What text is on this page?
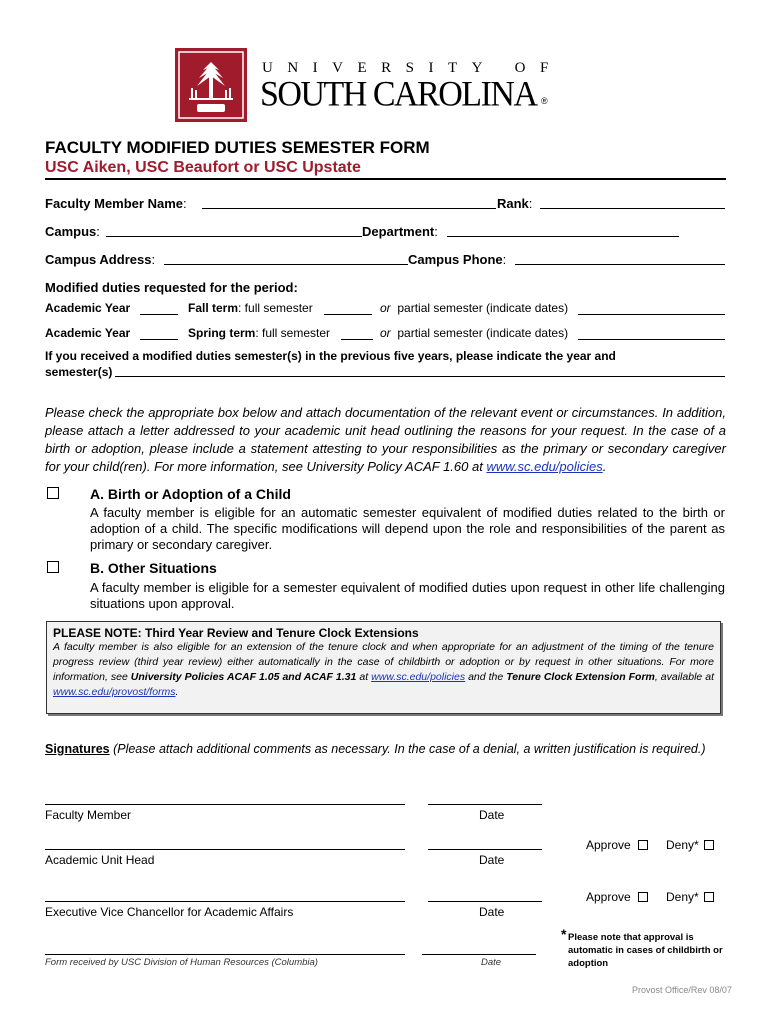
UNIVERSITY OF
SOUTH CAROLINA ®
FACULTY MODIFIED DUTIES SEMESTER FORM
USC Aiken, USC Beaufort or USC Upstate
Faculty Member Name:	Rank:
Campus:	Department:
Campus Address:	Campus Phone:
Modified duties requested for the period:
Academic Year	Fall term: full semester	or partial semester (indicate dates)
Academic Year	Spring term: full semester	or partial semester (indicate dates)
If you received a modified duties semester(s) in the previous five years, please indicate the year and semester(s)
Please check the appropriate box below and attach documentation of the relevant event or circumstances. In addition, please attach a letter addressed to your academic unit head outlining the reasons for your request. In the case of a birth or adoption, please include a statement attesting to your responsibilities as the primary or secondary caregiver for your child(ren). For more information, see University Policy ACAF 1.60 at www.sc.edu/policies.
A. Birth or Adoption of a Child
A faculty member is eligible for an automatic semester equivalent of modified duties related to the birth or adoption of a child. The specific modifications will depend upon the role and responsibilities of the parent as primary or secondary caregiver.
B. Other Situations
A faculty member is eligible for a semester equivalent of modified duties upon request in other life challenging situations upon approval.
PLEASE NOTE: Third Year Review and Tenure Clock Extensions
A faculty member is also eligible for an extension of the tenure clock and when appropriate for an adjustment of the timing of the tenure progress review (third year review) either automatically in the case of childbirth or adoption or by request in other situations. For more information, see University Policies ACAF 1.05 and ACAF 1.31 at www.sc.edu/policies and the Tenure Clock Extension Form, available at www.sc.edu/provost/forms.
Signatures (Please attach additional comments as necessary. In the case of a denial, a written justification is required.)
Faculty Member	Date
Approve	Deny*
Academic Unit Head	Date
Approve	Deny*
Executive Vice Chancellor for Academic Affairs	Date
Form received by USC Division of Human Resources (Columbia)	Date
* Please note that approval is automatic in cases of childbirth or adoption
Provost Office/Rev 08/07
